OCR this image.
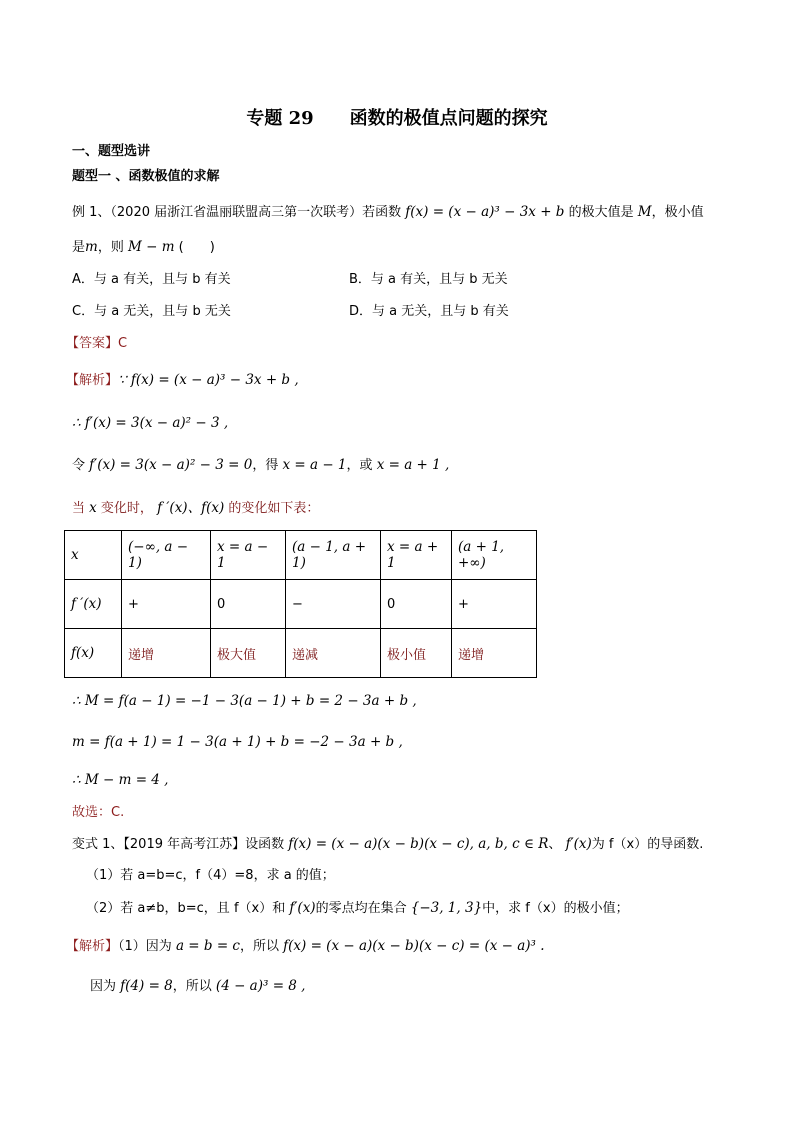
专题 29 函数的极值点问题的探究
一、题型选讲
题型一 、函数极值的求解
例 1、（2020 届浙江省温丽联盟高三第一次联考）若函数 f(x) = (x − a)³ − 3x + b 的极大值是 M，极小值
是m，则 M − m (　　)
A．与 a 有关，且与 b 有关	B．与 a 有关，且与 b 无关
C．与 a 无关，且与 b 无关	D．与 a 无关，且与 b 有关
【答案】C
【解析】∵ f(x) = (x − a)³ − 3x + b ,
∴ f′(x) = 3(x − a)² − 3 ,
令 f′(x) = 3(x − a)² − 3 = 0，得 x = a − 1，或 x = a + 1 ,
当 x 变化时， f ′(x)、f(x) 的变化如下表：
x	(−∞, a − 1)	x = a − 1	(a − 1, a + 1)	x = a + 1	(a + 1, +∞)
f ′(x)	+	0	−	0	+
f(x)	递增	极大值	递减	极小值	递增
∴ M = f(a − 1) = −1 − 3(a − 1) + b = 2 − 3a + b ,
m = f(a + 1) = 1 − 3(a + 1) + b = −2 − 3a + b ,
∴ M − m = 4 ,
故选：C.
变式 1、【2019 年高考江苏】设函数 f(x) = (x − a)(x − b)(x − c), a, b, c ∈ R、 f′(x)为 f（x）的导函数.
（1）若 a=b=c，f（4）=8，求 a 的值；
（2）若 a≠b，b=c，且 f（x）和 f′(x)的零点均在集合 {−3, 1, 3}中，求 f（x）的极小值；
【解析】（1）因为 a = b = c，所以 f(x) = (x − a)(x − b)(x − c) = (x − a)³ .
因为 f(4) = 8，所以 (4 − a)³ = 8 ,
